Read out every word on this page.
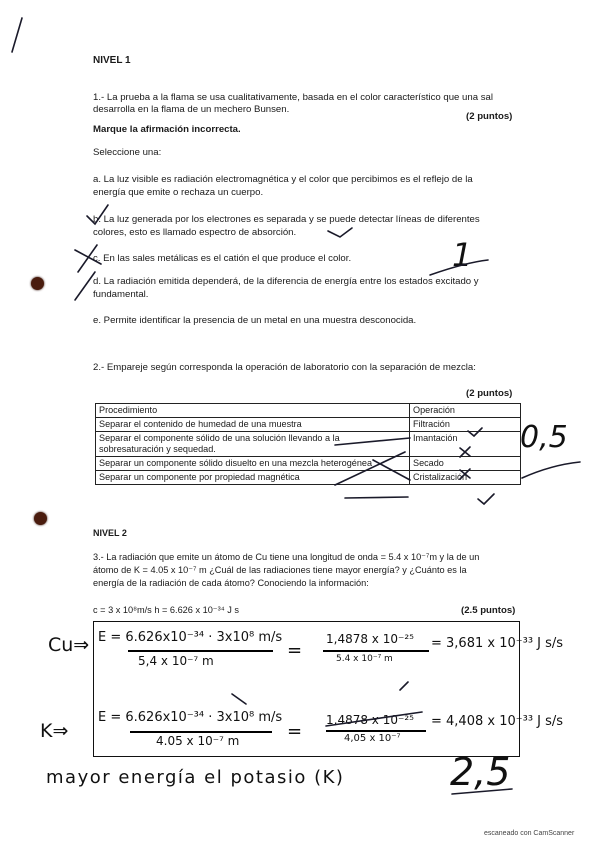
NIVEL 1
1.- La prueba a la flama se usa cualitativamente, basada en el color característico que una sal
desarrolla en la flama de un mechero Bunsen.
(2 puntos)
Marque la afirmación incorrecta.
Seleccione una:
a. La luz visible es radiación electromagnética y el color que percibimos es el reflejo de la
energía que emite o rechaza un cuerpo.
b. La luz generada por los electrones es separada y se puede detectar líneas de diferentes
colores, esto es llamado espectro de absorción.
c. En las sales metálicas es el catión el que produce el color.
d. La radiación emitida dependerá, de la diferencia de energía entre los estados excitado y
fundamental.
e. Permite identificar la presencia de un metal en una muestra desconocida.
2.- Empareje según corresponda la operación de laboratorio con la separación de mezcla:
(2 puntos)
Procedimiento	Operación
Separar el contenido de humedad de una muestra	Filtración
Separar el componente sólido de una solución llevando a la sobresaturación y sequedad.	Imantación
Separar un componente sólido disuelto en una mezcla heterogénea	Secado
Separar un componente por propiedad magnética	Cristalización
NIVEL 2
3.- La radiación que emite un átomo de Cu tiene una longitud de onda = 5.4 x 10⁻⁷m y la de un
átomo de K = 4.05 x 10⁻⁷ m ¿Cuál de las radiaciones tiene mayor energía? y ¿Cuánto es la
energía de la radiación de cada átomo? Conociendo la información:
c = 3 x 10⁸m/s h = 6.626 x 10⁻³⁴ J s	(2.5 puntos)
Cu⇒ E = 6.626x10⁻³⁴ · 3x10⁸ m/s
5,4 x 10⁻⁷ m	=
1,4878 x 10⁻²⁵
5.4 x 10⁻⁷ m
= 3,681 x 10⁻³³ J s/s
K⇒
E = 6.626x10⁻³⁴ · 3x10⁸ m/s
4.05 x 10⁻⁷ m	=
1,4878 x 10⁻²⁵
4,05 x 10⁻⁷
= 4,408 x 10⁻³³ J s/s
mayor energía el potasio (K)	2,5
1
0,5
escaneado con CamScanner
